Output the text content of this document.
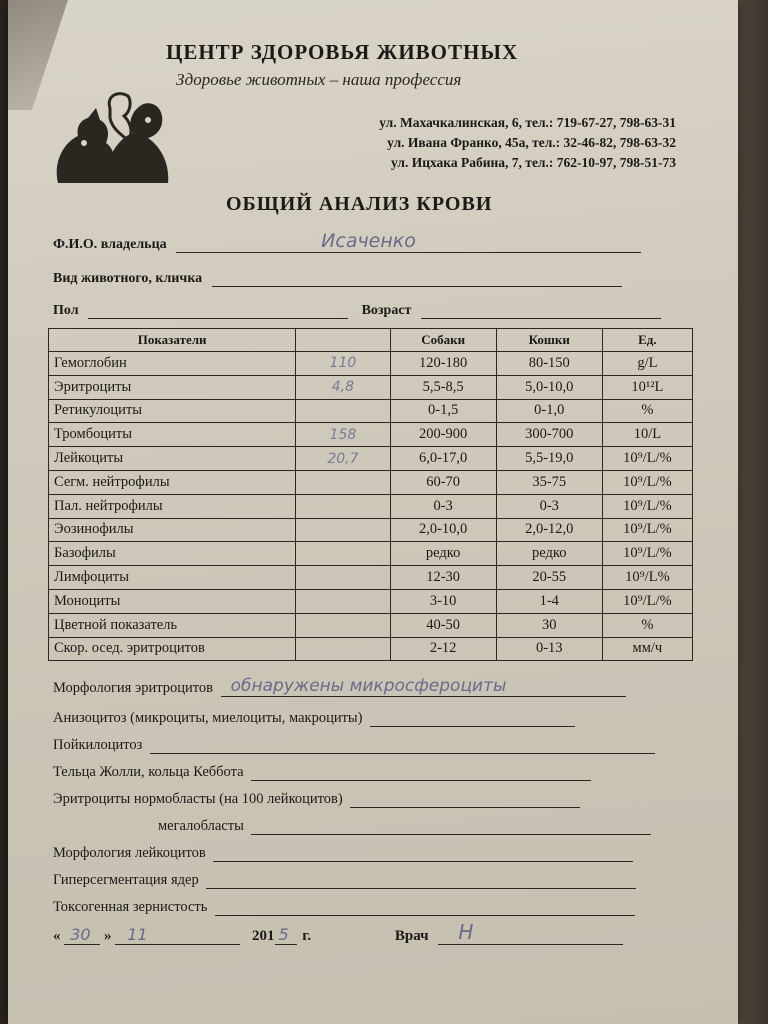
ЦЕНТР ЗДОРОВЬЯ ЖИВОТНЫХ
Здоровье животных – наша профессия
ул. Махачкалинская, 6, тел.: 719-67-27, 798-63-31
ул. Ивана Франко, 45а, тел.: 32-46-82, 798-63-32
ул. Ицхака Рабина, 7, тел.: 762-10-97, 798-51-73
ОБЩИЙ АНАЛИЗ КРОВИ
Ф.И.О. владельца	Исаченко
Вид животного, кличка
Пол	Возраст
Показатели		Собаки	Кошки	Ед.
Гемоглобин	110	120-180	80-150	g/L
Эритроциты	4,8	5,5-8,5	5,0-10,0	10¹²L
Ретикулоциты		0-1,5	0-1,0	%
Тромбоциты	158	200-900	300-700	10/L
Лейкоциты	20,7	6,0-17,0	5,5-19,0	10⁹/L/%
Сегм. нейтрофилы		60-70	35-75	10⁹/L/%
Пал. нейтрофилы		0-3	0-3	10⁹/L/%
Эозинофилы		2,0-10,0	2,0-12,0	10⁹/L/%
Базофилы		редко	редко	10⁹/L/%
Лимфоциты		12-30	20-55	10⁹/L%
Моноциты		3-10	1-4	10⁹/L/%
Цветной показатель		40-50	30	%
Скор. осед. эритроцитов		2-12	0-13	мм/ч
Морфология эритроцитов обнаружены микросфероциты
Анизоцитоз (микроциты, миелоциты, макроциты)
Пойкилоцитоз
Тельца Жолли, кольца Кеббота
Эритроциты нормобласты (на 100 лейкоцитов)
мегалобласты
Морфология лейкоцитов
Гиперсегментация ядер
Токсогенная зернистость
« 30 » 11	201 5 г.	Врач Н
